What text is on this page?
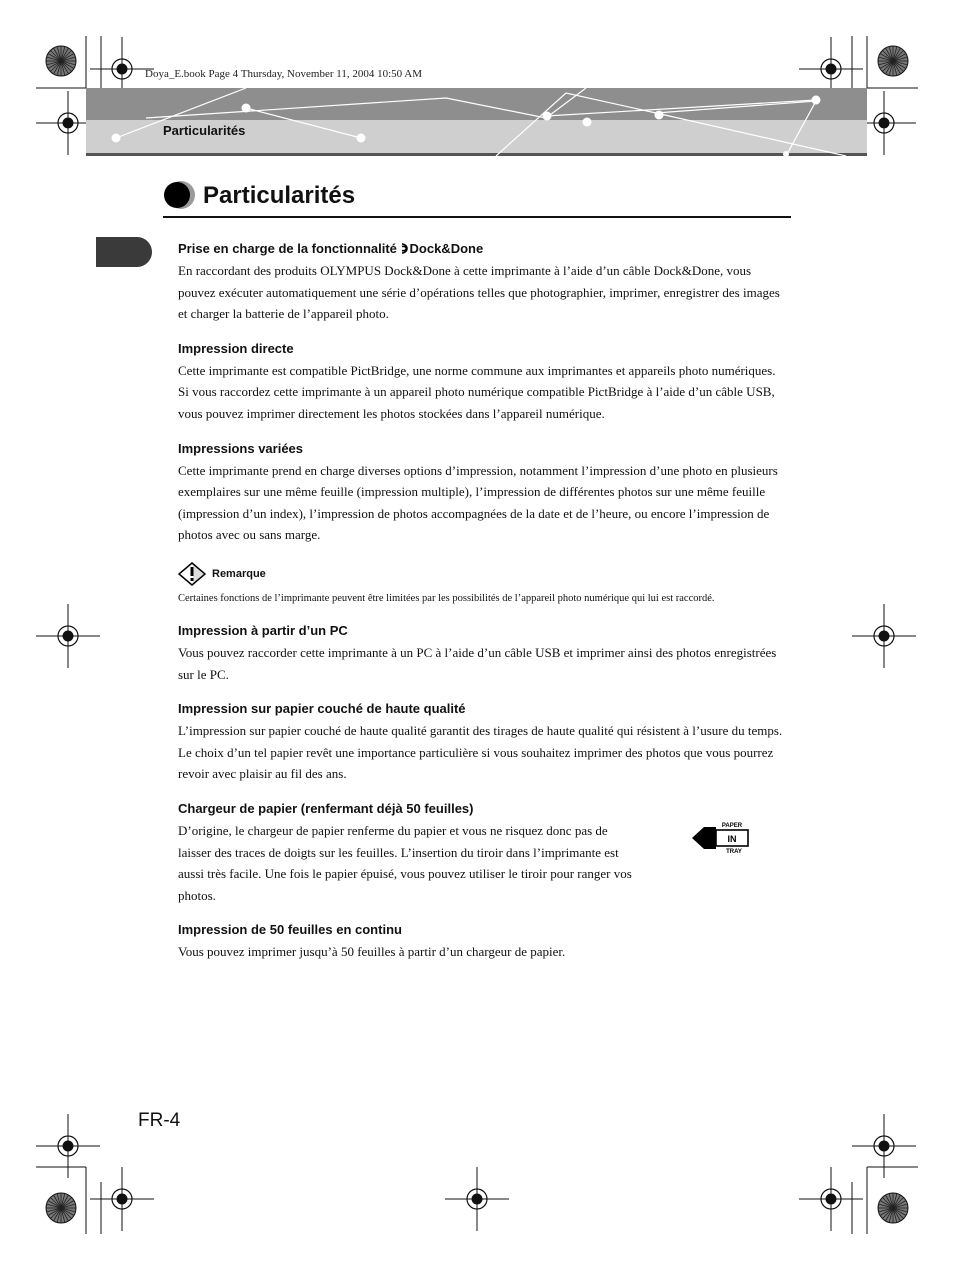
Doya_E.book Page 4 Thursday, November 11, 2004 10:50 AM
Particularités
Particularités
Prise en charge de la fonctionnalité Dock&Done

En raccordant des produits OLYMPUS Dock&Done à cette imprimante à l’aide d’un câble Dock&Done, vous pouvez exécuter automatiquement une série d’opérations telles que photographier, imprimer, enregistrer des images et charger la batterie de l’appareil photo.

Impression directe

Cette imprimante est compatible PictBridge, une norme commune aux imprimantes et appareils photo numériques.

Si vous raccordez cette imprimante à un appareil photo numérique compatible PictBridge à l’aide d’un câble USB, vous pouvez imprimer directement les photos stockées dans l’appareil numérique.

Impressions variées

Cette imprimante prend en charge diverses options d’impression, notamment l’impression d’une photo en plusieurs exemplaires sur une même feuille (impression multiple), l’impression de différentes photos sur une même feuille (impression d’un index), l’impression de photos accompagnées de la date et de l’heure, ou encore l’impression de photos avec ou sans marge.

Remarque

Certaines fonctions de l’imprimante peuvent être limitées par les possibilités de l’appareil photo numérique qui lui est raccordé.

Impression à partir d’un PC

Vous pouvez raccorder cette imprimante à un PC à l’aide d’un câble USB et imprimer ainsi des photos enregistrées sur le PC.

Impression sur papier couché de haute qualité

L’impression sur papier couché de haute qualité garantit des tirages de haute qualité qui résistent à l’usure du temps. Le choix d’un tel papier revêt une importance particulière si vous souhaitez imprimer des photos que vous pourrez revoir avec plaisir au fil des ans.

Chargeur de papier (renfermant déjà 50 feuilles)

D’origine, le chargeur de papier renferme du papier et vous ne risquez donc pas de laisser des traces de doigts sur les feuilles. L’insertion du tiroir dans l’imprimante est aussi très facile. Une fois le papier épuisé, vous pouvez utiliser le tiroir pour ranger vos photos.

PAPER
IN
TRAY
Impression de 50 feuilles en continu

Vous pouvez imprimer jusqu’à 50 feuilles à partir d’un chargeur de papier.

FR-4
